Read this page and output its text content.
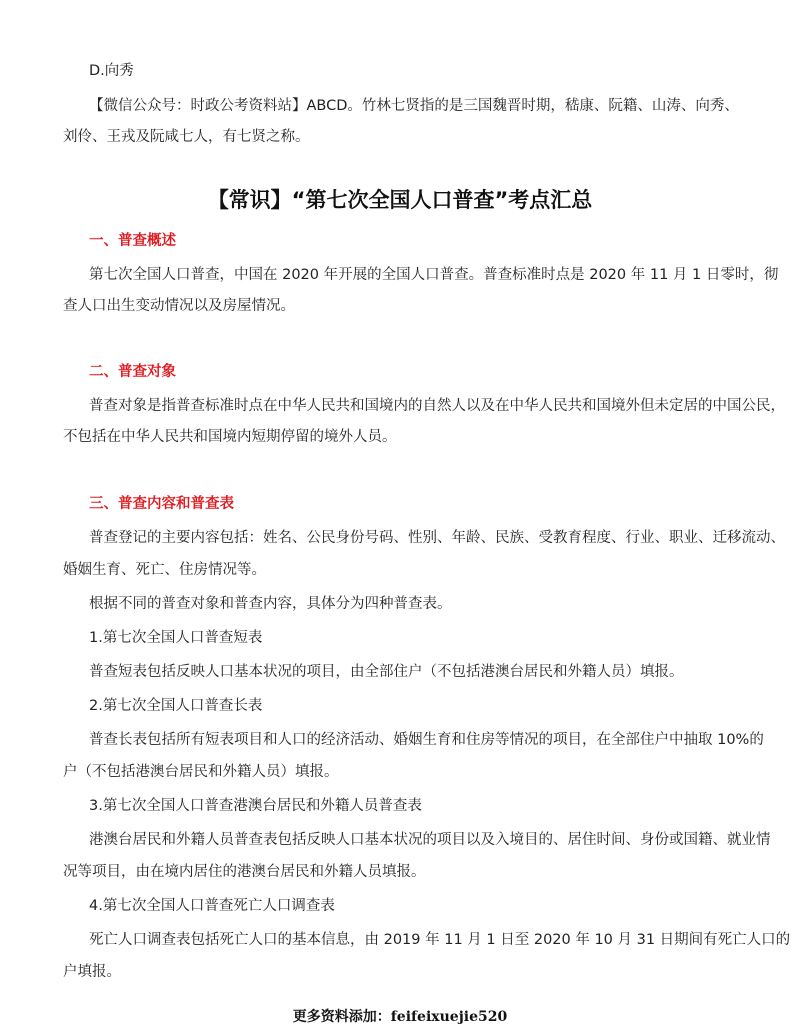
D.向秀
【微信公众号：时政公考资料站】ABCD。竹林七贤指的是三国魏晋时期，嵇康、阮籍、山涛、向秀、
刘伶、王戎及阮咸七人，有七贤之称。
【常识】“第七次全国人口普查”考点汇总
一、普查概述
第七次全国人口普查，中国在 2020 年开展的全国人口普查。普查标准时点是 2020 年 11 月 1 日零时，彻
查人口出生变动情况以及房屋情况。
二、普查对象
普查对象是指普查标准时点在中华人民共和国境内的自然人以及在中华人民共和国境外但未定居的中国公民，
不包括在中华人民共和国境内短期停留的境外人员。
三、普查内容和普查表
普查登记的主要内容包括：姓名、公民身份号码、性别、年龄、民族、受教育程度、行业、职业、迁移流动、
婚姻生育、死亡、住房情况等。
根据不同的普查对象和普查内容，具体分为四种普查表。
1.第七次全国人口普查短表
普查短表包括反映人口基本状况的项目，由全部住户（不包括港澳台居民和外籍人员）填报。
2.第七次全国人口普查长表
普查长表包括所有短表项目和人口的经济活动、婚姻生育和住房等情况的项目，在全部住户中抽取 10%的
户（不包括港澳台居民和外籍人员）填报。
3.第七次全国人口普查港澳台居民和外籍人员普查表
港澳台居民和外籍人员普查表包括反映人口基本状况的项目以及入境目的、居住时间、身份或国籍、就业情
况等项目，由在境内居住的港澳台居民和外籍人员填报。
4.第七次全国人口普查死亡人口调查表
死亡人口调查表包括死亡人口的基本信息，由 2019 年 11 月 1 日至 2020 年 10 月 31 日期间有死亡人口的
户填报。
更多资料添加：feifeixuejie520
